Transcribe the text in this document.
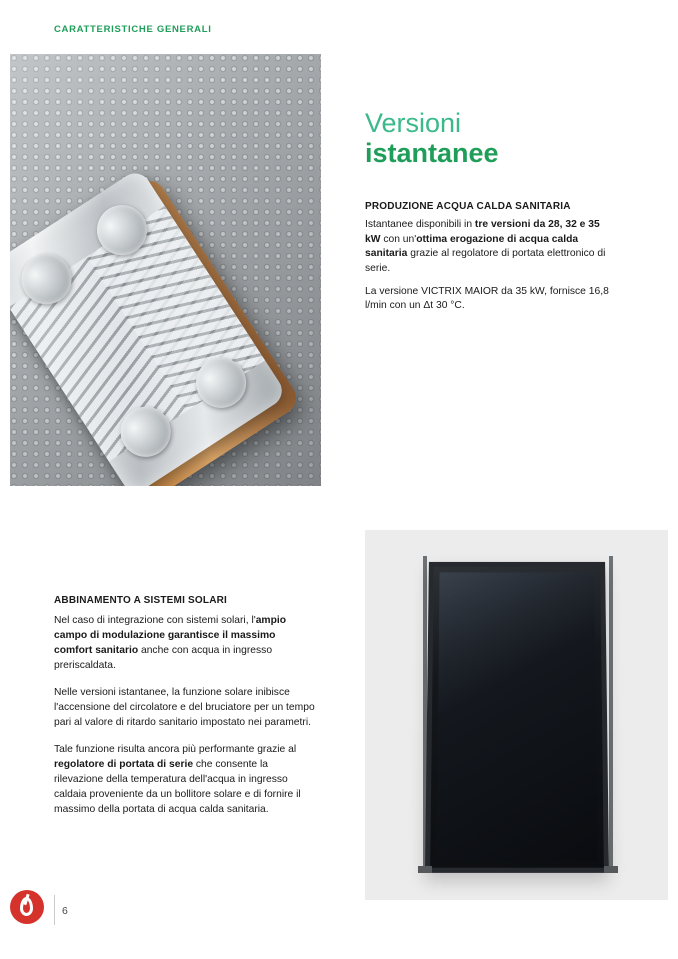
CARATTERISTICHE GENERALI
Versioni
istantanee
PRODUZIONE ACQUA CALDA SANITARIA

Istantanee disponibili in tre versioni da 28, 32 e 35 kW con un'ottima erogazione di acqua calda sanitaria grazie al regolatore di portata elettronico di serie.

La versione VICTRIX MAIOR da 35 kW, fornisce 16,8 l/min con un Δt 30 °C.

ABBINAMENTO A SISTEMI SOLARI

Nel caso di integrazione con sistemi solari, l'ampio campo di modulazione garantisce il massimo comfort sanitario anche con acqua in ingresso preriscaldata.

Nelle versioni istantanee, la funzione solare inibisce l'accensione del circolatore e del bruciatore per un tempo pari al valore di ritardo sanitario impostato nei parametri.

Tale funzione risulta ancora più performante grazie al regolatore di portata di serie che consente la rilevazione della temperatura dell'acqua in ingresso caldaia proveniente da un bollitore solare e di fornire il massimo della portata di acqua calda sanitaria.

6
